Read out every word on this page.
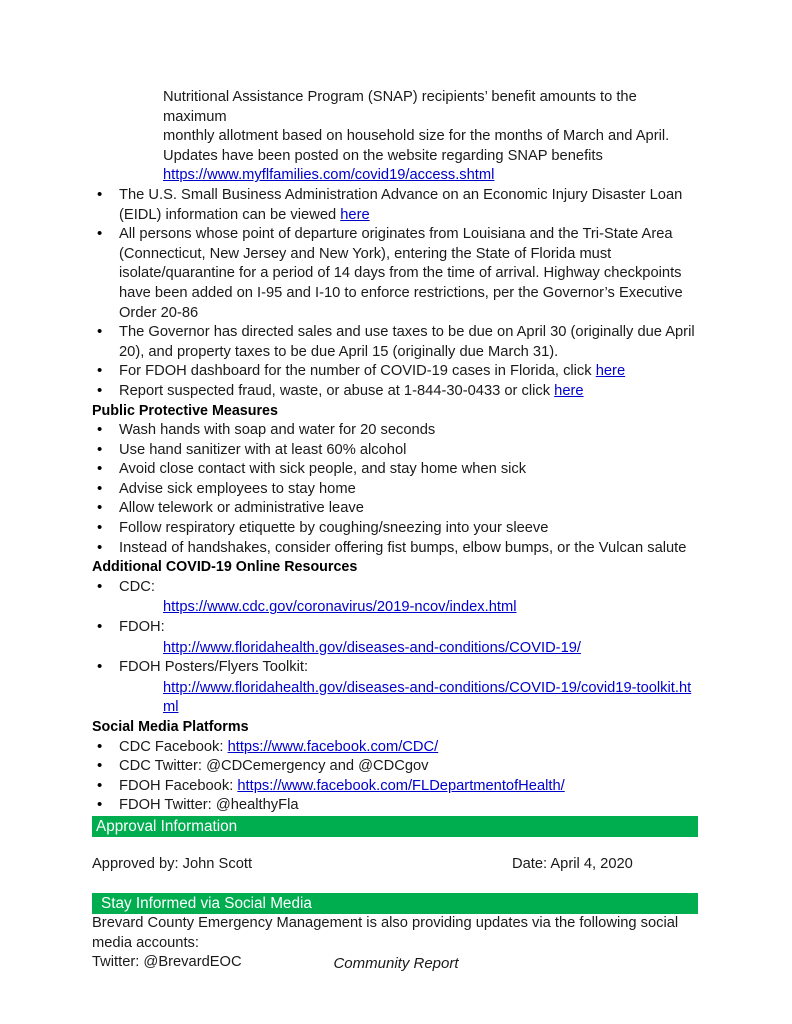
Nutritional Assistance Program (SNAP) recipients’ benefit amounts to the maximum
monthly allotment based on household size for the months of March and April.
Updates have been posted on the website regarding SNAP benefits
https://www.myflfamilies.com/covid19/access.shtml
• The U.S. Small Business Administration Advance on an Economic Injury Disaster Loan (EIDL) information can be viewed here
• All persons whose point of departure originates from Louisiana and the Tri-State Area (Connecticut, New Jersey and New York), entering the State of Florida must isolate/quarantine for a period of 14 days from the time of arrival. Highway checkpoints have been added on I-95 and I-10 to enforce restrictions, per the Governor’s Executive Order 20-86
• The Governor has directed sales and use taxes to be due on April 30 (originally due April 20), and property taxes to be due April 15 (originally due March 31).
• For FDOH dashboard for the number of COVID-19 cases in Florida, click here
• Report suspected fraud, waste, or abuse at 1-844-30-0433 or click here
Public Protective Measures
• Wash hands with soap and water for 20 seconds
• Use hand sanitizer with at least 60% alcohol
• Avoid close contact with sick people, and stay home when sick
• Advise sick employees to stay home
• Allow telework or administrative leave
• Follow respiratory etiquette by coughing/sneezing into your sleeve
• Instead of handshakes, consider offering fist bumps, elbow bumps, or the Vulcan salute
Additional COVID-19 Online Resources
• CDC:
https://www.cdc.gov/coronavirus/2019-ncov/index.html
• FDOH:
http://www.floridahealth.gov/diseases-and-conditions/COVID-19/
• FDOH Posters/Flyers Toolkit:
http://www.floridahealth.gov/diseases-and-conditions/COVID-19/covid19-toolkit.html
Social Media Platforms
• CDC Facebook: https://www.facebook.com/CDC/
• CDC Twitter: @CDCemergency and @CDCgov
• FDOH Facebook: https://www.facebook.com/FLDepartmentofHealth/
• FDOH Twitter: @healthyFla
Approval Information
Approved by: John Scott	Date: April 4, 2020
Stay Informed via Social Media
Brevard County Emergency Management is also providing updates via the following social
media accounts:
Twitter: @BrevardEOC	Community Report
